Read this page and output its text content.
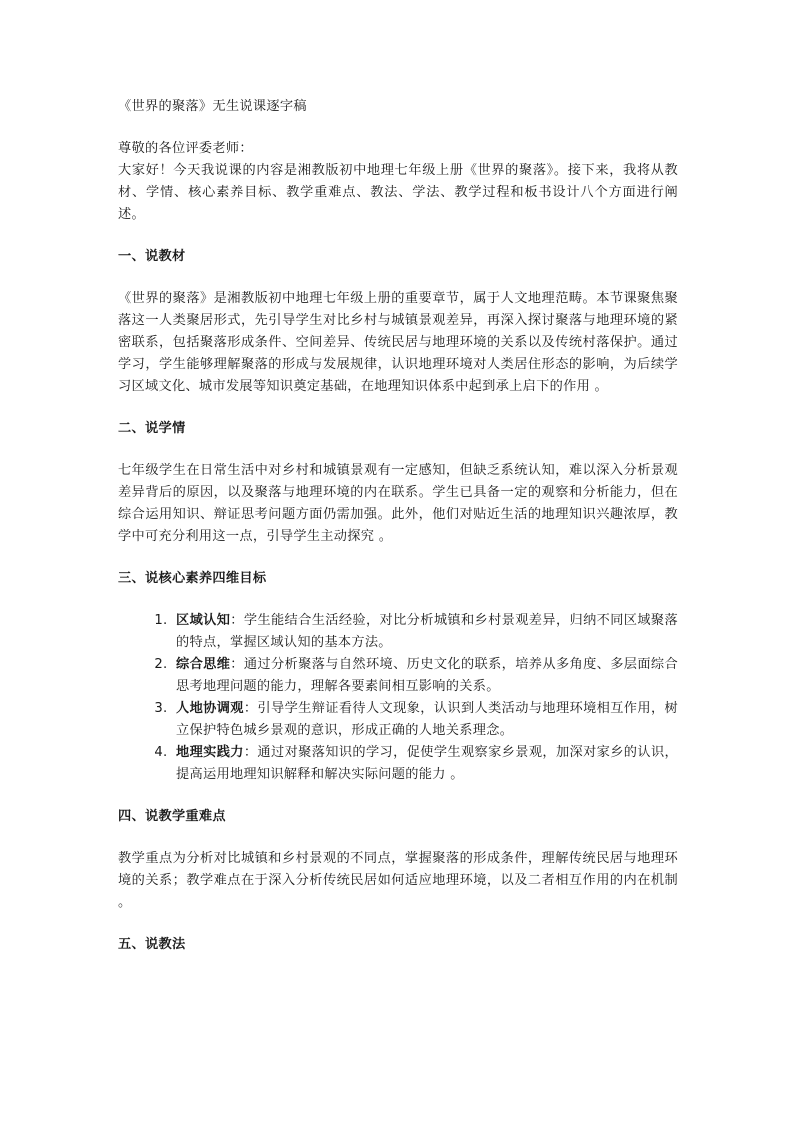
《世界的聚落》无生说课逐字稿

尊敬的各位评委老师：

大家好！今天我说课的内容是湘教版初中地理七年级上册《世界的聚落》。接下来，我将从教材、学情、核心素养目标、教学重难点、教法、学法、教学过程和板书设计八个方面进行阐述。

一、说教材

《世界的聚落》是湘教版初中地理七年级上册的重要章节，属于人文地理范畴。本节课聚焦聚落这一人类聚居形式，先引导学生对比乡村与城镇景观差异，再深入探讨聚落与地理环境的紧密联系，包括聚落形成条件、空间差异、传统民居与地理环境的关系以及传统村落保护。通过学习，学生能够理解聚落的形成与发展规律，认识地理环境对人类居住形态的影响，为后续学习区域文化、城市发展等知识奠定基础，在地理知识体系中起到承上启下的作用 。

二、说学情

七年级学生在日常生活中对乡村和城镇景观有一定感知，但缺乏系统认知，难以深入分析景观差异背后的原因，以及聚落与地理环境的内在联系。学生已具备一定的观察和分析能力，但在综合运用知识、辩证思考问题方面仍需加强。此外，他们对贴近生活的地理知识兴趣浓厚，教学中可充分利用这一点，引导学生主动探究 。

三、说核心素养四维目标

1. 区域认知：学生能结合生活经验，对比分析城镇和乡村景观差异，归纳不同区域聚落的特点，掌握区域认知的基本方法。
2. 综合思维：通过分析聚落与自然环境、历史文化的联系，培养从多角度、多层面综合思考地理问题的能力，理解各要素间相互影响的关系。
3. 人地协调观：引导学生辩证看待人文现象，认识到人类活动与地理环境相互作用，树立保护特色城乡景观的意识，形成正确的人地关系理念。
4. 地理实践力：通过对聚落知识的学习，促使学生观察家乡景观，加深对家乡的认识，提高运用地理知识解释和解决实际问题的能力 。

四、说教学重难点

教学重点为分析对比城镇和乡村景观的不同点，掌握聚落的形成条件，理解传统民居与地理环境的关系；教学难点在于深入分析传统民居如何适应地理环境，以及二者相互作用的内在机制 。

五、说教法
